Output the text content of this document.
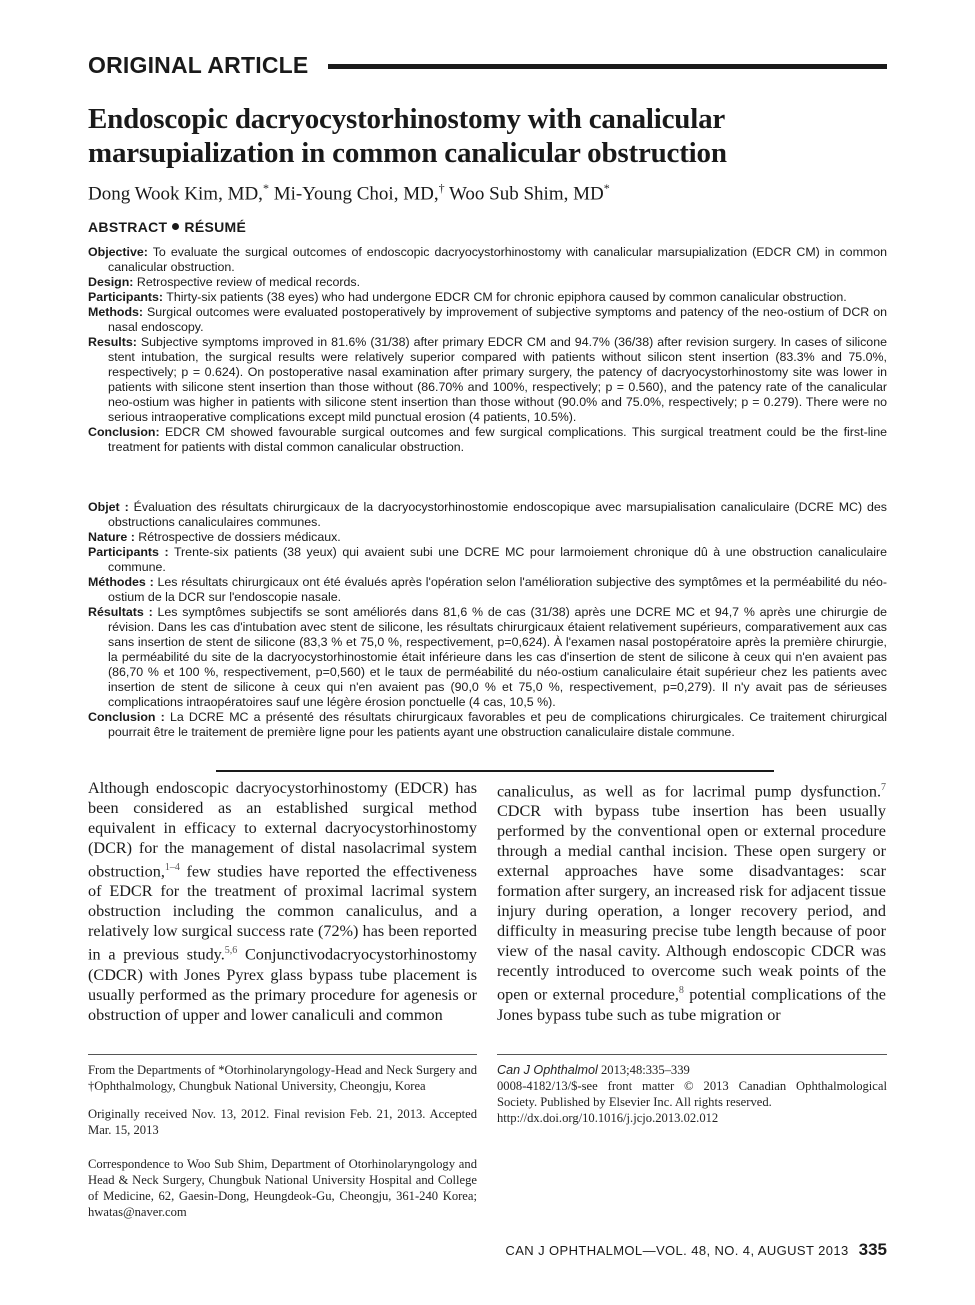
ORIGINAL ARTICLE
Endoscopic dacryocystorhinostomy with canalicular
marsupialization in common canalicular obstruction
Dong Wook Kim, MD,* Mi-Young Choi, MD,† Woo Sub Shim, MD*
ABSTRACT RÉSUMÉ

Objective: To evaluate the surgical outcomes of endoscopic dacryocystorhinostomy with canalicular marsupialization (EDCR CM) in common canalicular obstruction.

Design: Retrospective review of medical records.

Participants: Thirty-six patients (38 eyes) who had undergone EDCR CM for chronic epiphora caused by common canalicular obstruction.

Methods: Surgical outcomes were evaluated postoperatively by improvement of subjective symptoms and patency of the neo-ostium of DCR on nasal endoscopy.

Results: Subjective symptoms improved in 81.6% (31/38) after primary EDCR CM and 94.7% (36/38) after revision surgery. In cases of silicone stent intubation, the surgical results were relatively superior compared with patients without silicon stent insertion (83.3% and 75.0%, respectively; p = 0.624). On postoperative nasal examination after primary surgery, the patency of dacryocystorhinostomy site was lower in patients with silicone stent insertion than those without (86.70% and 100%, respectively; p = 0.560), and the patency rate of the canalicular neo-ostium was higher in patients with silicone stent insertion than those without (90.0% and 75.0%, respectively; p = 0.279). There were no serious intraoperative complications except mild punctual erosion (4 patients, 10.5%).

Conclusion: EDCR CM showed favourable surgical outcomes and few surgical complications. This surgical treatment could be the first-line treatment for patients with distal common canalicular obstruction.

Objet : Évaluation des résultats chirurgicaux de la dacryocystorhinostomie endoscopique avec marsupialisation canaliculaire (DCRE MC) des obstructions canaliculaires communes.

Nature : Rétrospective de dossiers médicaux.

Participants : Trente-six patients (38 yeux) qui avaient subi une DCRE MC pour larmoiement chronique dû à une obstruction canaliculaire commune.

Méthodes : Les résultats chirurgicaux ont été évalués après l'opération selon l'amélioration subjective des symptômes et la perméabilité du néo-ostium de la DCR sur l'endoscopie nasale.

Résultats : Les symptômes subjectifs se sont améliorés dans 81,6 % de cas (31/38) après une DCRE MC et 94,7 % après une chirurgie de révision. Dans les cas d'intubation avec stent de silicone, les résultats chirurgicaux étaient relativement supérieurs, comparativement aux cas sans insertion de stent de silicone (83,3 % et 75,0 %, respectivement, p=0,624). À l'examen nasal postopératoire après la première chirurgie, la perméabilité du site de la dacryocystorhinostomie était inférieure dans les cas d'insertion de stent de silicone à ceux qui n'en avaient pas (86,70 % et 100 %, respectivement, p=0,560) et le taux de perméabilité du néo-ostium canaliculaire était supérieur chez les patients avec insertion de stent de silicone à ceux qui n'en avaient pas (90,0 % et 75,0 %, respectivement, p=0,279). Il n'y avait pas de sérieuses complications intraopératoires sauf une légère érosion ponctuelle (4 cas, 10,5 %).

Conclusion : La DCRE MC a présenté des résultats chirurgicaux favorables et peu de complications chirurgicales. Ce traitement chirurgical pourrait être le traitement de première ligne pour les patients ayant une obstruction canaliculaire distale commune.

Although endoscopic dacryocystorhinostomy (EDCR) has been considered as an established surgical method equivalent in efficacy to external dacryocystorhinostomy (DCR) for the management of distal nasolacrimal system obstruction,$^{1-4}$ few studies have reported the effectiveness of EDCR for the treatment of proximal lacrimal system obstruction including the common canaliculus, and a relatively low surgical success rate (72%) has been reported in a previous study.$^{5,6}$ Conjunctivodacryocystorhinostomy (CDCR) with Jones Pyrex glass bypass tube placement is usually performed as the primary procedure for agenesis or obstruction of upper and lower canaliculi and common

canaliculus, as well as for lacrimal pump dysfunction.$^7$ CDCR with bypass tube insertion has been usually performed by the conventional open or external procedure through a medial canthal incision. These open surgery or external approaches have some disadvantages: scar formation after surgery, an increased risk for adjacent tissue injury during operation, a longer recovery period, and difficulty in measuring precise tube length because of poor view of the nasal cavity. Although endoscopic CDCR was recently introduced to overcome such weak points of the open or external procedure,$^8$ potential complications of the Jones bypass tube such as tube migration or

From the Departments of *Otorhinolaryngology-Head and Neck Surgery and †Ophthalmology, Chungbuk National University, Cheongju, Korea

Originally received Nov. 13, 2012. Final revision Feb. 21, 2013. Accepted Mar. 15, 2013

Correspondence to Woo Sub Shim, Department of Otorhinolaryngology and Head & Neck Surgery, Chungbuk National University Hospital and College of Medicine, 62, Gaesin-Dong, Heungdeok-Gu, Cheongju, 361-240 Korea; hwatas@naver.com

Can J Ophthalmol 2013;48:335–339

0008-4182/13/$-see front matter © 2013 Canadian Ophthalmological Society. Published by Elsevier Inc. All rights reserved.

http://dx.doi.org/10.1016/j.jcjo.2013.02.012

CAN J OPHTHALMOL—VOL. 48, NO. 4, AUGUST 2013 335
